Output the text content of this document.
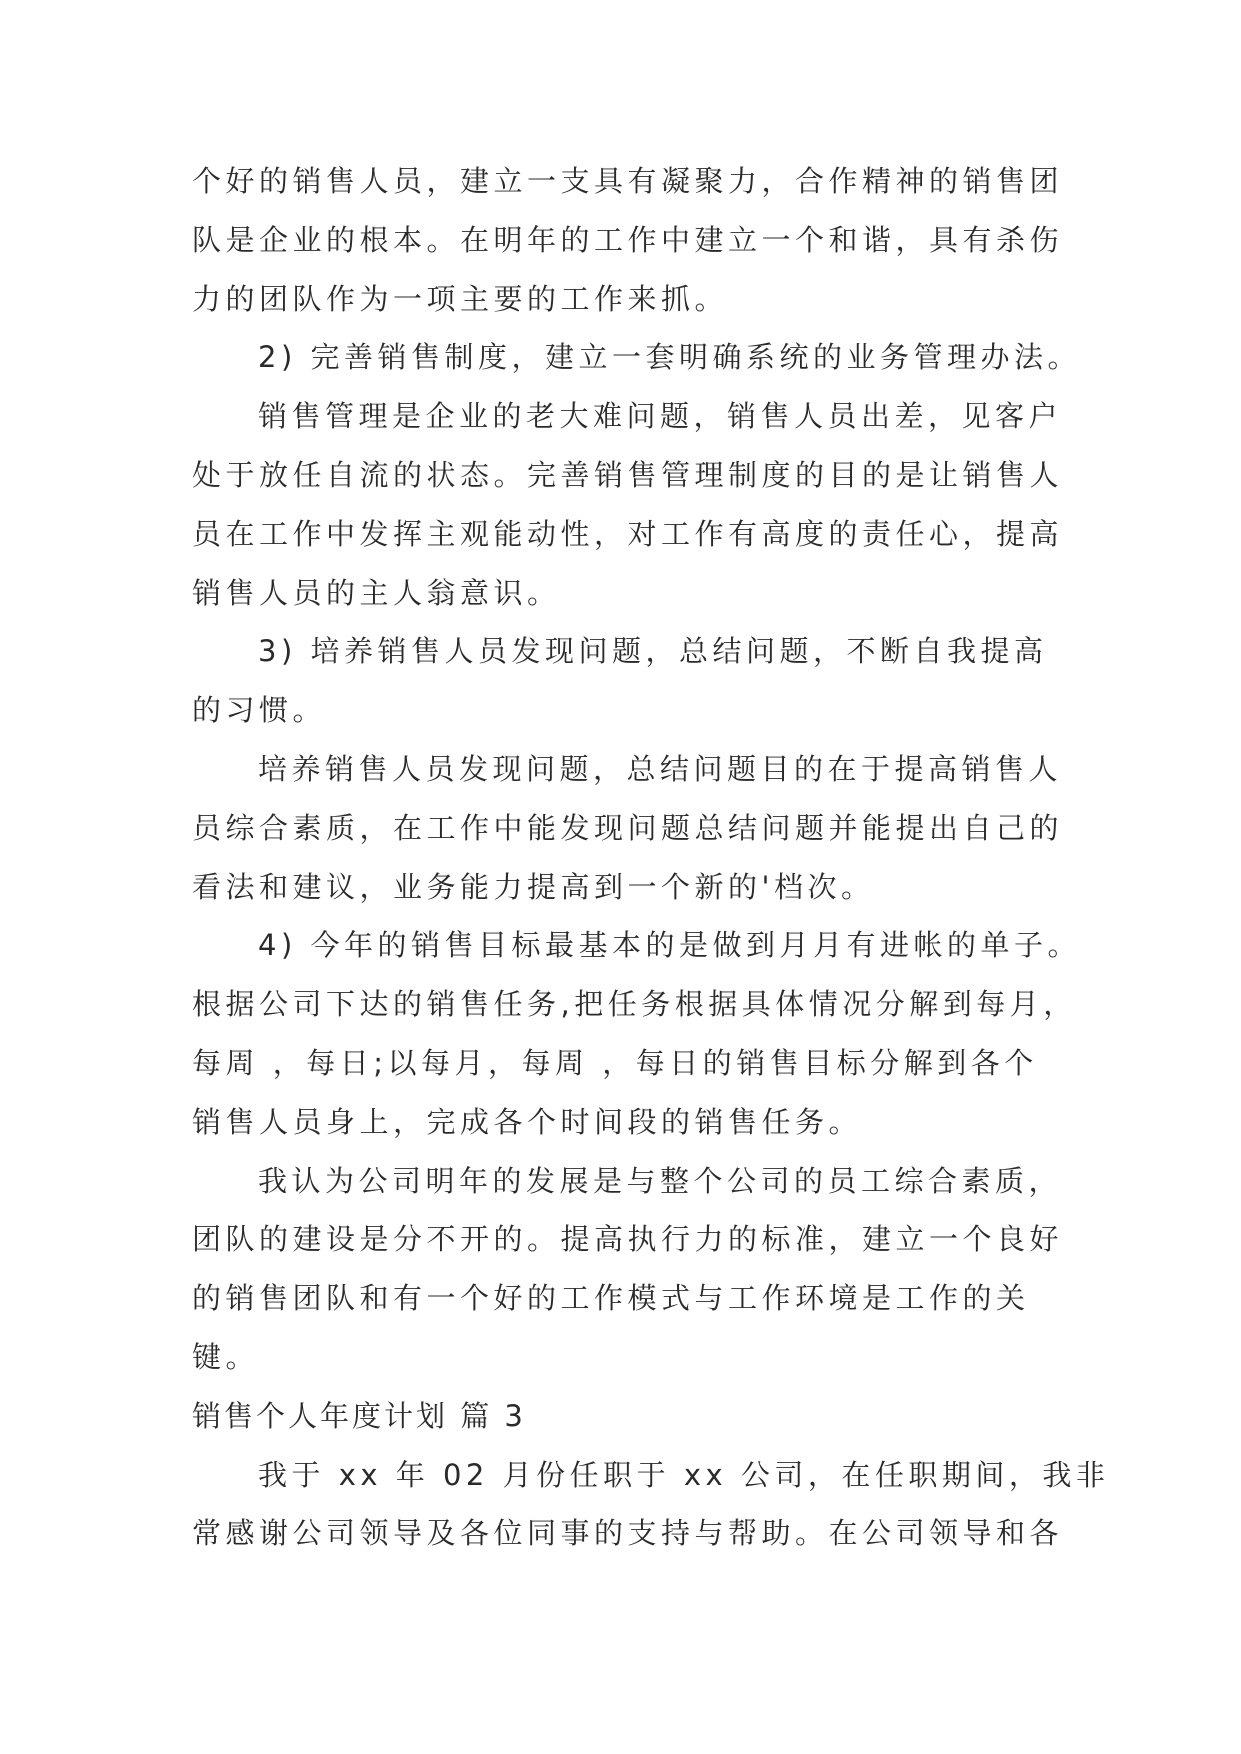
个好的销售人员，建立一支具有凝聚力，合作精神的销售团
队是企业的根本。在明年的工作中建立一个和谐，具有杀伤
力的团队作为一项主要的工作来抓。
2) 完善销售制度，建立一套明确系统的业务管理办法。
销售管理是企业的老大难问题，销售人员出差，见客户
处于放任自流的状态。完善销售管理制度的目的是让销售人
员在工作中发挥主观能动性，对工作有高度的责任心，提高
销售人员的主人翁意识。
3) 培养销售人员发现问题，总结问题，不断自我提高
的习惯。
培养销售人员发现问题，总结问题目的在于提高销售人
员综合素质，在工作中能发现问题总结问题并能提出自己的
看法和建议，业务能力提高到一个新的'档次。
4) 今年的销售目标最基本的是做到月月有进帐的单子。
根据公司下达的销售任务,把任务根据具体情况分解到每月，
每周 ，每日;以每月，每周 ，每日的销售目标分解到各个
销售人员身上，完成各个时间段的销售任务。
我认为公司明年的发展是与整个公司的员工综合素质，
团队的建设是分不开的。提高执行力的标准，建立一个良好
的销售团队和有一个好的工作模式与工作环境是工作的关
键。
销售个人年度计划 篇 3
我于 xx 年 02 月份任职于 xx 公司，在任职期间，我非
常感谢公司领导及各位同事的支持与帮助。在公司领导和各
